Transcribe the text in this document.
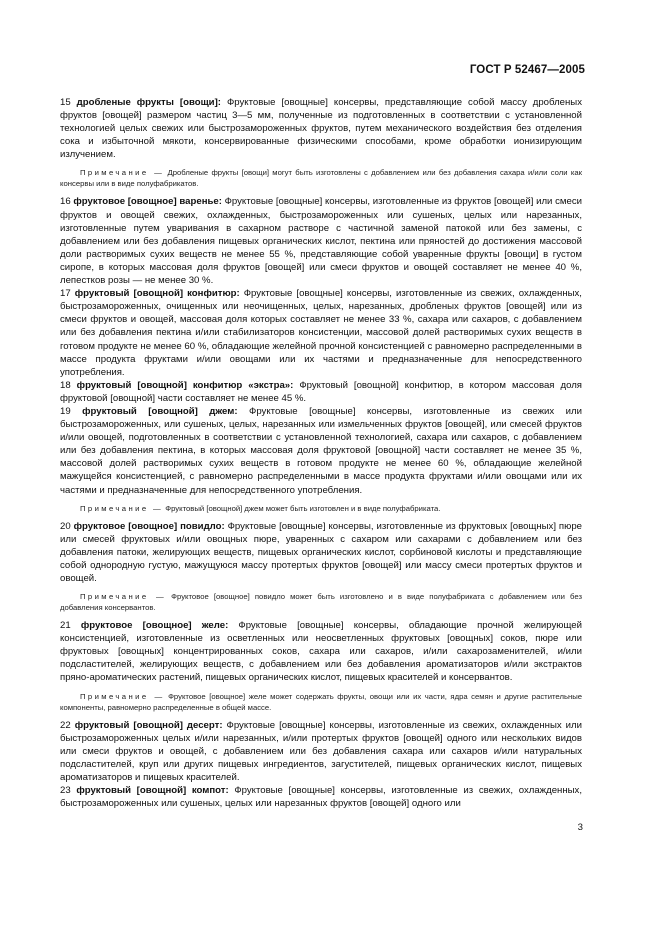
ГОСТ Р 52467—2005

15 дробленые фрукты [овощи]: Фруктовые [овощные] консервы, представляющие собой массу дробленых фруктов [овощей] размером частиц 3—5 мм, полученные из подготовленных в соответствии с установленной технологией целых свежих или быстрозамороженных фруктов, путем механического воздействия без отделения сока и избыточной мякоти, консервированные физическими способами, кроме обработки ионизирующим излучением.

Примечание — Дробленые фрукты [овощи] могут быть изготовлены с добавлением или без добавления сахара и/или соли как консервы или в виде полуфабрикатов.

16 фруктовое [овощное] варенье: Фруктовые [овощные] консервы, изготовленные из фруктов [овощей] или смеси фруктов и овощей свежих, охлажденных, быстрозамороженных или сушеных, целых или нарезанных, изготовленные путем уваривания в сахарном растворе с частичной заменой патокой или без замены, с добавлением или без добавления пищевых органических кислот, пектина или пряностей до достижения массовой доли растворимых сухих веществ не менее 55 %, представляющие собой уваренные фрукты [овощи] в густом сиропе, в которых массовая доля фруктов [овощей] или смеси фруктов и овощей составляет не менее 40 %, лепестков розы — не менее 30 %.

17 фруктовый [овощной] конфитюр: Фруктовые [овощные] консервы, изготовленные из свежих, охлажденных, быстрозамороженных, очищенных или неочищенных, целых, нарезанных, дробленых фруктов [овощей] или из смеси фруктов и овощей, массовая доля которых составляет не менее 33 %, сахара или сахаров, с добавлением или без добавления пектина и/или стабилизаторов консистенции, массовой долей растворимых сухих веществ в готовом продукте не менее 60 %, обладающие желейной прочной консистенцией с равномерно распределенными в массе продукта фруктами и/или овощами или их частями и предназначенные для непосредственного употребления.

18 фруктовый [овощной] конфитюр «экстра»: Фруктовый [овощной] конфитюр, в котором массовая доля фруктовой [овощной] части составляет не менее 45 %.

19 фруктовый [овощной] джем: Фруктовые [овощные] консервы, изготовленные из свежих или быстрозамороженных, или сушеных, целых, нарезанных или измельченных фруктов [овощей], или смесей фруктов и/или овощей, подготовленных в соответствии с установленной технологией, сахара или сахаров, с добавлением или без добавления пектина, в которых массовая доля фруктовой [овощной] части составляет не менее 35 %, массовой долей растворимых сухих веществ в готовом продукте не менее 60 %, обладающие желейной мажущейся консистенцией, с равномерно распределенными в массе продукта фруктами и/или овощами или их частями и предназначенные для непосредственного употребления.

Примечание — Фруктовый [овощной] джем может быть изготовлен и в виде полуфабриката.

20 фруктовое [овощное] повидло: Фруктовые [овощные] консервы, изготовленные из фруктовых [овощных] пюре или смесей фруктовых и/или овощных пюре, уваренных с сахаром или сахарами с добавлением или без добавления патоки, желирующих веществ, пищевых органических кислот, сорбиновой кислоты и представляющие собой однородную густую, мажущуюся массу протертых фруктов [овощей] или массу смеси протертых фруктов и овощей.

Примечание — Фруктовое [овощное] повидло может быть изготовлено и в виде полуфабриката с добавлением или без добавления консервантов.

21 фруктовое [овощное] желе: Фруктовые [овощные] консервы, обладающие прочной желирующей консистенцией, изготовленные из осветленных или неосветленных фруктовых [овощных] соков, пюре или фруктовых [овощных] концентрированных соков, сахара или сахаров, и/или сахарозаменителей, и/или подсластителей, желирующих веществ, с добавлением или без добавления ароматизаторов и/или экстрактов пряно-ароматических растений, пищевых органических кислот, пищевых красителей и консервантов.

Примечание — Фруктовое [овощное] желе может содержать фрукты, овощи или их части, ядра семян и другие растительные компоненты, равномерно распределенные в общей массе.

22 фруктовый [овощной] десерт: Фруктовые [овощные] консервы, изготовленные из свежих, охлажденных или быстрозамороженных целых и/или нарезанных, и/или протертых фруктов [овощей] одного или нескольких видов или смеси фруктов и овощей, с добавлением или без добавления сахара или сахаров и/или натуральных подсластителей, круп или других пищевых ингредиентов, загустителей, пищевых органических кислот, пищевых ароматизаторов и пищевых красителей.

23 фруктовый [овощной] компот: Фруктовые [овощные] консервы, изготовленные из свежих, охлажденных, быстрозамороженных или сушеных, целых или нарезанных фруктов [овощей] одного или

3
